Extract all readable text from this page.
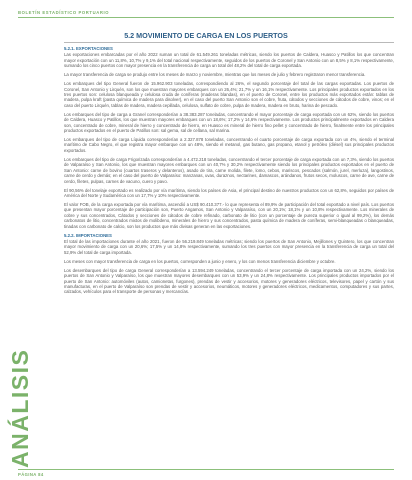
BOLETÍN ESTADÍSTICO PORTUARIO
5.2 MOVIMIENTO DE CARGA EN LOS PUERTOS
5.2.1. EXPORTACIONES

Las exportaciones embarcadas por el año 2022 suman un total de 61.549.261 toneladas métricas, siendo los puertos de Caldera, Huasco y Patillos los que concentran mayor exportación con un 11,8%, 10,7% y 9,1% del total nacional respectivamente, seguidos de los puertos de Coronel y San Antonio con un 8,5% y 8,1% respectivamente, sumando los cinco puertos con mayor presencia en la transferencia de carga un total del 48,2% del total de carga exportada.

La mayor transferencia de carga se produjo entre los meses de marzo y noviembre, mientras que los meses de julio y febrero registraron menor transferencia.

Los embarques del tipo General fueron de 15.962.903 toneladas, correspondiendo al 26%, el segundo porcentaje del total de las cargas exportadas. Los puertos de Coronel, San Antonio y Lirquén, son los que muestran mayores embarques con un 26,4%; 21,7% y un 16,1% respectivamente. Los principales productos exportados en los tres puertos son: celulosa blanqueada y celulosa cruda de coníferas (maderas blandas), en el puerto de Coronel, entre los productos más exportados están: tablas de madera, pulpa kraft (pasta química de madera para disolver), en el caso del puerto San Antonio son el cobre, fruta, cátodos y secciones de cátodos de cobre, vinos; en el caso del puerto Lirquén, tablas de madera, madera cepillada, celulosa, sulfato de cobre, pulpa de madera, madera en bruto, harina de pescado.

Los embarques del tipo de carga a Granel corresponderían a 38.383.287 toneladas, concentrando el mayor porcentaje de carga exportada con un 62%, siendo los puertos de Caldera, Huasco y Patillos, los que muestran mayores embarques con un 18,6%; 17,2% y 14,6% respectivamente. Los productos principalmente exportados en Caldera son, concentrado de cobre, mineral de hierro y concentrado de hierro, en Huasco es mineral de hierro fino pellet y concentrado de hierro, finalmente entre los principales productos exportados en el puerto de Patillos son: sal gema, sal de cellana, sal marina.

Los embarques del tipo de carga Líquida corresponderían a 2.327.878 toneladas, concentrando el cuarto porcentaje de carga exportada con un 4%, siendo el terminal marítimo de Cabo Negro, el que registra mayor embarque con un 48%, siendo el metanol, gas butano, gas propano, etanol y petróleo (diésel) sus principales productos exportados.

Los embarques del tipo de carga Frigorizada corresponderían a 4.472.218 toneladas, concentrando el tercer porcentaje de carga exportada con un 7,3%, siendo los puertos de Valparaíso y San Antonio, los que muestran mayores embarques con un 40,7% y 30,2% respectivamente siendo los principales productos exportados en el puerto de San Antonio: carne de bovino (cuartos traseros y delanteros), asado de tira, carne molida, filete, lomo, cebos, mariscos, pescados (salmón, jurel, merluza), langostinos, carne de cerdo y demás; en el caso del puerto de Valparaíso: manzanas, uvas, duraznos, nectarines, damascos, arándanos, frutos secos, moluscos, carne de ave, carne de cerdo, filetes, pulpas, carnes de vacuno, cuero y pavo.

El 90,56% del tonelaje exportado es realizado por vía marítima, siendo los países de Asia, el principal destino de nuestros productos con un 62,8%, seguidos por países de América del Norte y Sudamérica con un 17,7% y 10% respectivamente.

El valor FOB, de la carga exportada por vía marítima, ascendió a US$ 90.410.377.- lo que representa el 89,9% de participación del total exportado a nivel país. Los puertos que presentan mayor porcentaje de participación son, Puerto Angamos, San Antonio y Valparaíso, con un 20,1%; 18,1% y un 10,8% respectivamente. Los minerales de cobre y sus concentrados, Cátodos y secciones de cátodos de cobre refinado, carbonato de litio (con un porcentaje de pureza superior o igual al 99,2%), los demás carbonatos de litio, concentrados mixtos de molibdeno, minerales de hierro y sus concentrados, pasta química de madera de coníferas, semi-blanqueadas o blanqueadas, tinadas con carbonato de calcio, son los productos que más divisas generan en las exportaciones.

5.2.2. IMPORTACIONES

El total de las importaciones durante el año 2021, fueron de 56.219.849 toneladas métricas; siendo los puertos de San Antonio, Mejillones y Quintero, los que concentran mayor movimiento de carga con un 20,6%; 17,5% y un 14,8% respectivamente, sumando los tres puertos con mayor presencia en la transferencia de carga un total del 52,9% del total de carga importada.

Los meses con mayor transferencia de carga en los puertos, corresponden a junio y enero, y los con menos transferencia diciembre y octubre.

Los desembarques del tipo de carga General corresponderían a 13.594.249 toneladas, concentrando el tercer porcentaje de carga importada con un 24,2%, siendo los puertos de San Antonio y Valparaíso, los que muestran mayores desembarques con un 53,9% y un 24,8% respectivamente. Los principales productos importados por el puerto de San Antonio: automóviles (autos, camionetas, furgones), prendas de vestir y accesorios, motores y generadores eléctricos, televisores, papel y cartón y sus manufacturas, en el puerto de Valparaíso son prendas de vestir y accesorios, neumáticos, motores y generadores eléctricos, medicamentos, computadores y sus partes, calzados, vehículos para el transporte de personas y mercancías.

ANÁLISIS
PÁGINA 84
